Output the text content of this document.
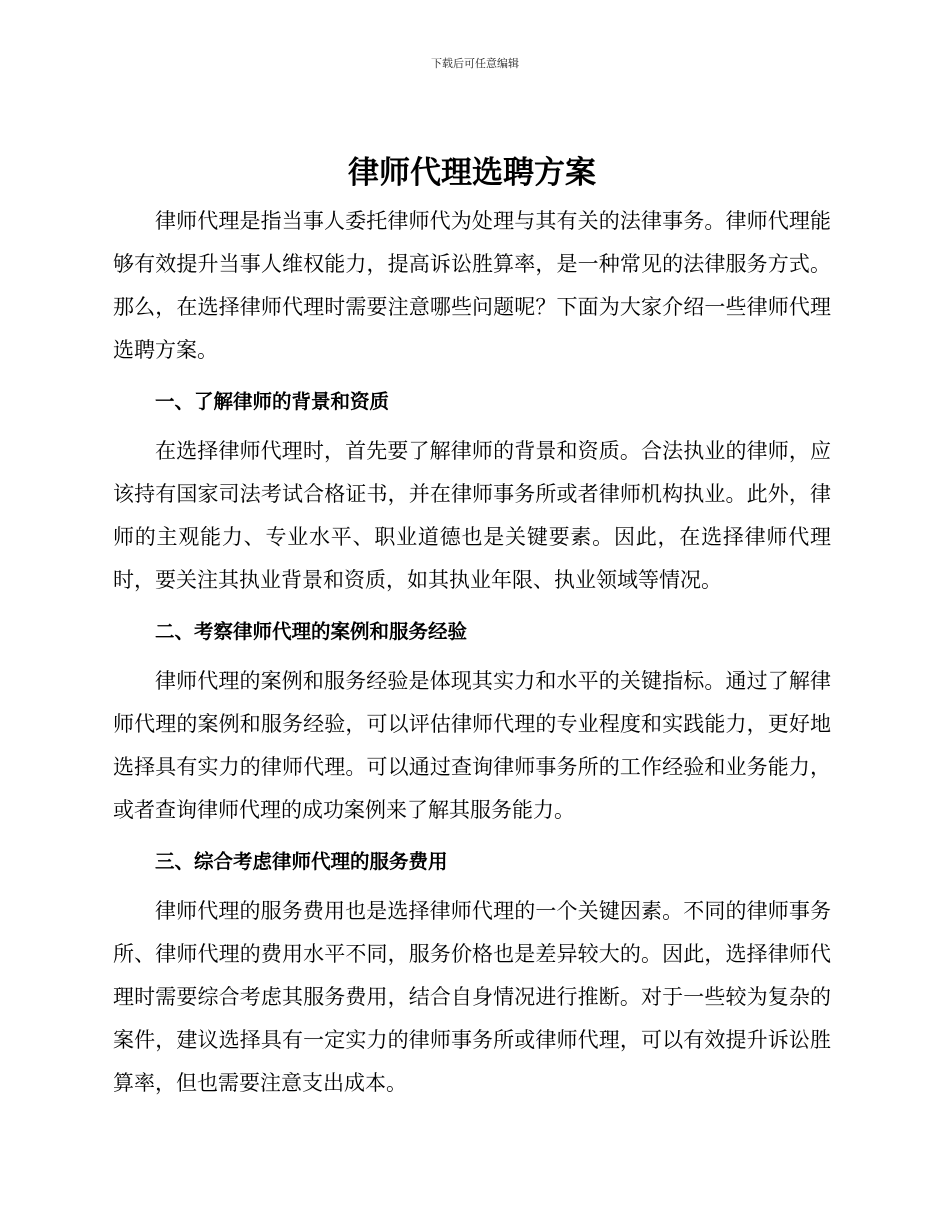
下载后可任意编辑
律师代理选聘方案

律师代理是指当事人委托律师代为处理与其有关的法律事务。律师代理能够有效提升当事人维权能力，提高诉讼胜算率，是一种常见的法律服务方式。那么，在选择律师代理时需要注意哪些问题呢？下面为大家介绍一些律师代理选聘方案。

一、了解律师的背景和资质

在选择律师代理时，首先要了解律师的背景和资质。合法执业的律师，应该持有国家司法考试合格证书，并在律师事务所或者律师机构执业。此外，律师的主观能力、专业水平、职业道德也是关键要素。因此，在选择律师代理时，要关注其执业背景和资质，如其执业年限、执业领域等情况。

二、考察律师代理的案例和服务经验

律师代理的案例和服务经验是体现其实力和水平的关键指标。通过了解律师代理的案例和服务经验，可以评估律师代理的专业程度和实践能力，更好地选择具有实力的律师代理。可以通过查询律师事务所的工作经验和业务能力，或者查询律师代理的成功案例来了解其服务能力。

三、综合考虑律师代理的服务费用

律师代理的服务费用也是选择律师代理的一个关键因素。不同的律师事务所、律师代理的费用水平不同，服务价格也是差异较大的。因此，选择律师代理时需要综合考虑其服务费用，结合自身情况进行推断。对于一些较为复杂的案件，建议选择具有一定实力的律师事务所或律师代理，可以有效提升诉讼胜算率，但也需要注意支出成本。
